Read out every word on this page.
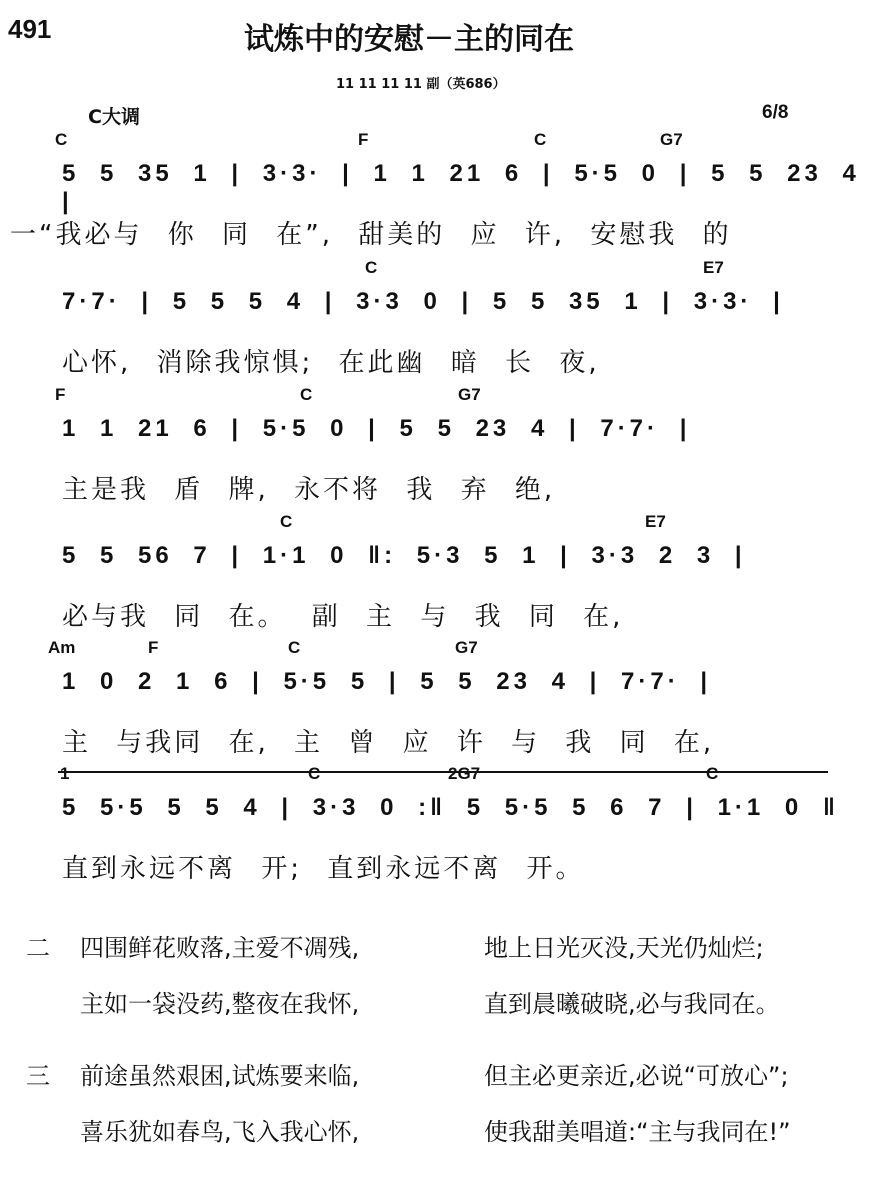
491	试炼中的安慰－主的同在
11 11 11 11 副（英686）
C大调	6/8
C	F	C	G7
5 5 35 1 | 3·3· | 1 1 21 6 | 5·5 0 | 5 5 23 4 |
一“我必与 你 同 在”, 甜美的 应 许, 安慰我 的
C	E7
7·7· | 5 5 5 4 | 3·3 0 | 5 5 35 1 | 3·3· |
心怀, 消除我惊惧; 在此幽 暗 长 夜,
F	C	G7
1 1 21 6 | 5·5 0 | 5 5 23 4 | 7·7· |
主是我 盾 牌, 永不将 我 弃 绝,
C	E7
5 5 56 7 | 1·1 0 ‖: 5·3 5 1 | 3·3 2 3 |
必与我 同 在。 副 主 与 我 同 在,
Am	F	C	G7
1 0 2 1 6 | 5·5 5 | 5 5 23 4 | 7·7· |
主 与我同 在, 主 曾 应 许 与 我 同 在,
1	C	2G7	C
5 5·5 5 5 4 | 3·3 0 :‖ 5 5·5 5 6 7 | 1·1 0 ‖
直到永远不离 开; 直到永远不离 开。
二 四围鲜花败落,主爱不凋残,	地上日光灭没,天光仍灿烂;
主如一袋没药,整夜在我怀,	直到晨曦破晓,必与我同在。
三 前途虽然艰困,试炼要来临,	但主必更亲近,必说“可放心”;
喜乐犹如春鸟,飞入我心怀,	使我甜美唱道:“主与我同在!”
